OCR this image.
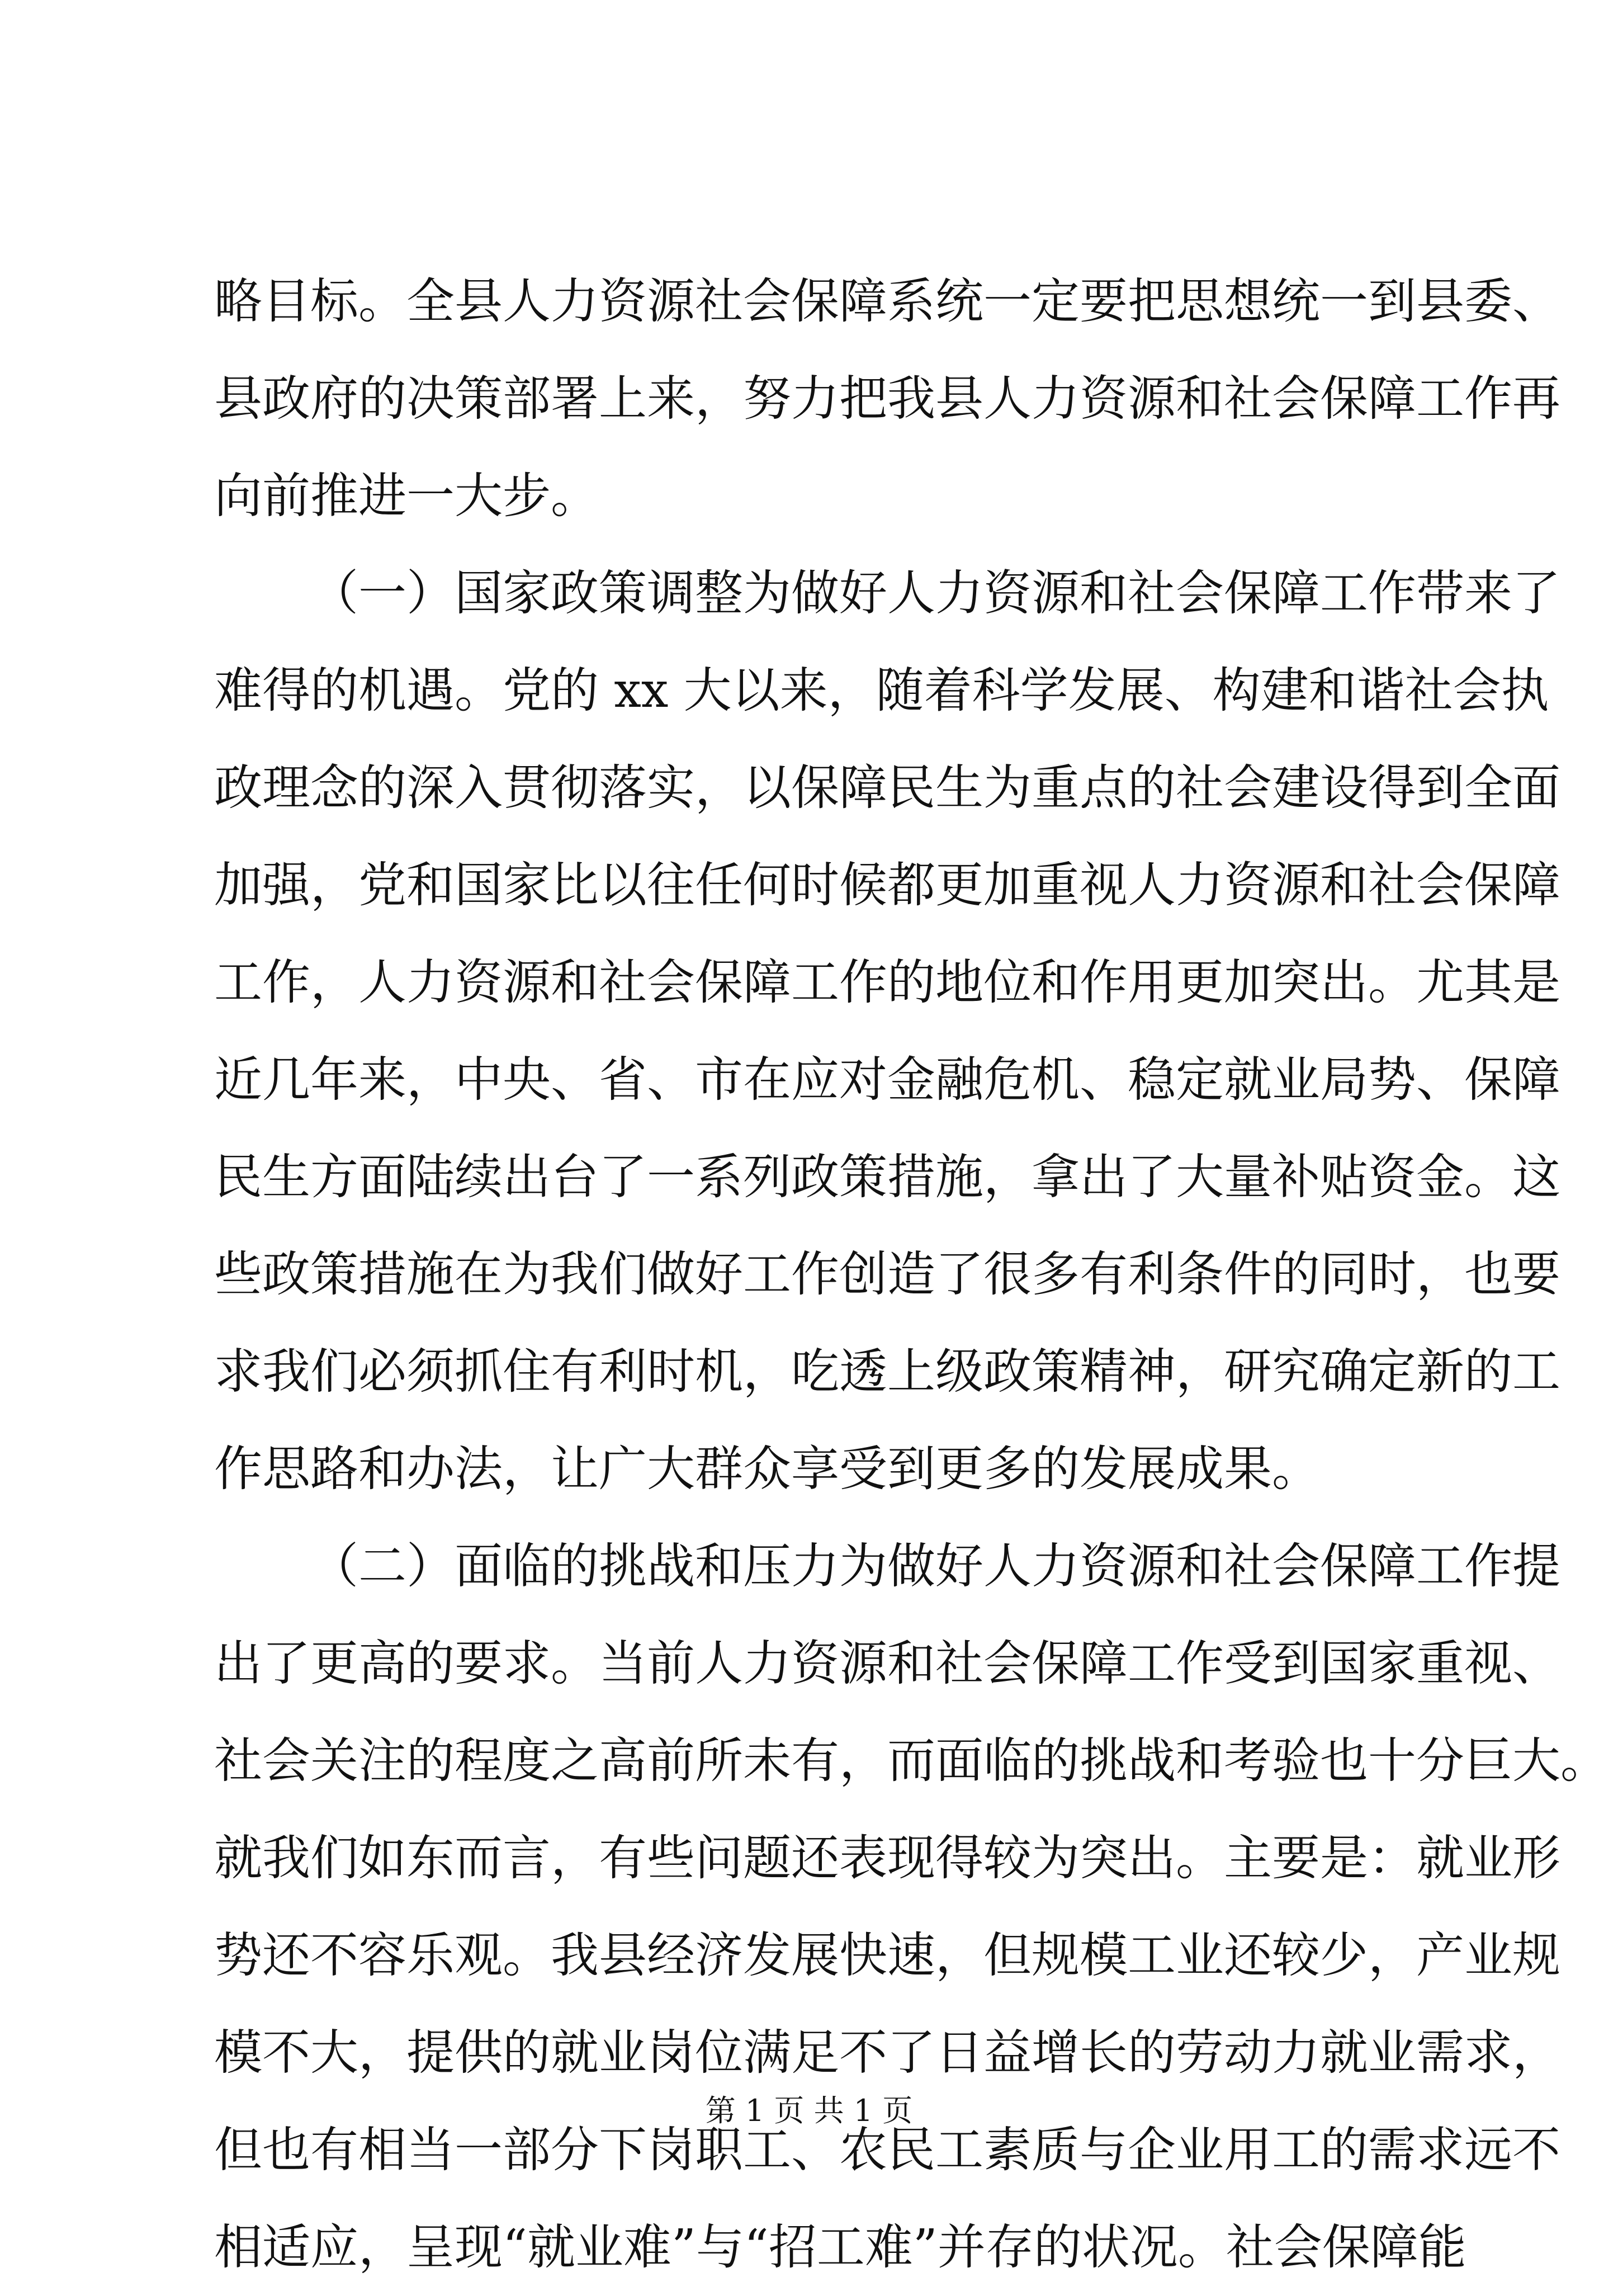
略目标。全县人力资源社会保障系统一定要把思想统一到县委、
县政府的决策部署上来，努力把我县人力资源和社会保障工作再
向前推进一大步。
（一）国家政策调整为做好人力资源和社会保障工作带来了
难得的机遇。党的 xx 大以来，随着科学发展、构建和谐社会执
政理念的深入贯彻落实，以保障民生为重点的社会建设得到全面
加强，党和国家比以往任何时候都更加重视人力资源和社会保障
工作，人力资源和社会保障工作的地位和作用更加突出。尤其是
近几年来，中央、省、市在应对金融危机、稳定就业局势、保障
民生方面陆续出台了一系列政策措施，拿出了大量补贴资金。这
些政策措施在为我们做好工作创造了很多有利条件的同时，也要
求我们必须抓住有利时机，吃透上级政策精神，研究确定新的工
作思路和办法，让广大群众享受到更多的发展成果。
（二）面临的挑战和压力为做好人力资源和社会保障工作提
出了更高的要求。当前人力资源和社会保障工作受到国家重视、
社会关注的程度之高前所未有，而面临的挑战和考验也十分巨大。
就我们如东而言，有些问题还表现得较为突出。主要是：就业形
势还不容乐观。我县经济发展快速，但规模工业还较少，产业规
模不大，提供的就业岗位满足不了日益增长的劳动力就业需求，
但也有相当一部分下岗职工、农民工素质与企业用工的需求远不
相适应，呈现“就业难”与“招工难”并存的状况。社会保障能
第 1 页 共 1 页
